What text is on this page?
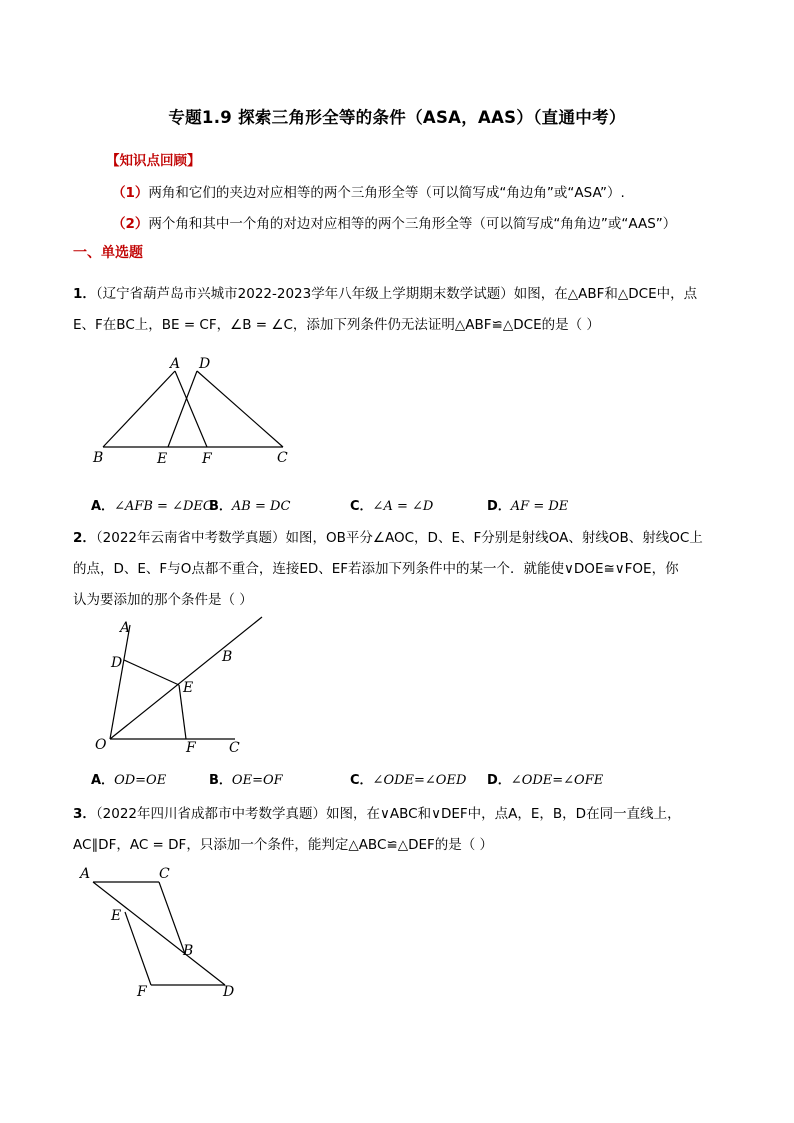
专题1.9 探索三角形全等的条件（ASA，AAS）（直通中考）
【知识点回顾】
（1）两角和它们的夹边对应相等的两个三角形全等（可以简写成“角边角”或“ASA”）.
（2）两个角和其中一个角的对边对应相等的两个三角形全等（可以简写成“角角边”或“AAS”）
一、单选题
1．（辽宁省葫芦岛市兴城市2022-2023学年八年级上学期期末数学试题）如图，在△ABF和△DCE中，点
E、F在BC上，BE = CF，∠B = ∠C，添加下列条件仍无法证明△ABF≌△DCE的是（ ）
A D
B	E F	C
A．∠AFB = ∠DEC
B．AB = DC	C．∠A = ∠D	D．AF = DE
2．（2022年云南省中考数学真题）如图，OB平分∠AOC，D、E、F分别是射线OA、射线OB、射线OC上
的点，D、E、F与O点都不重合，连接ED、EF若添加下列条件中的某一个．就能使∨DOE≅∨FOE，你
认为要添加的那个条件是（ ）
A
B
D
E
O	F C
A．OD=OE	B．OE=OF	C．∠ODE=∠OED D．∠ODE=∠OFE
3．（2022年四川省成都市中考数学真题）如图，在∨ABC和∨DEF中，点A，E，B，D在同一直线上，
AC∥DF，AC = DF，只添加一个条件，能判定△ABC≌△DEF的是（ ）
A	C
E
B
F	D
